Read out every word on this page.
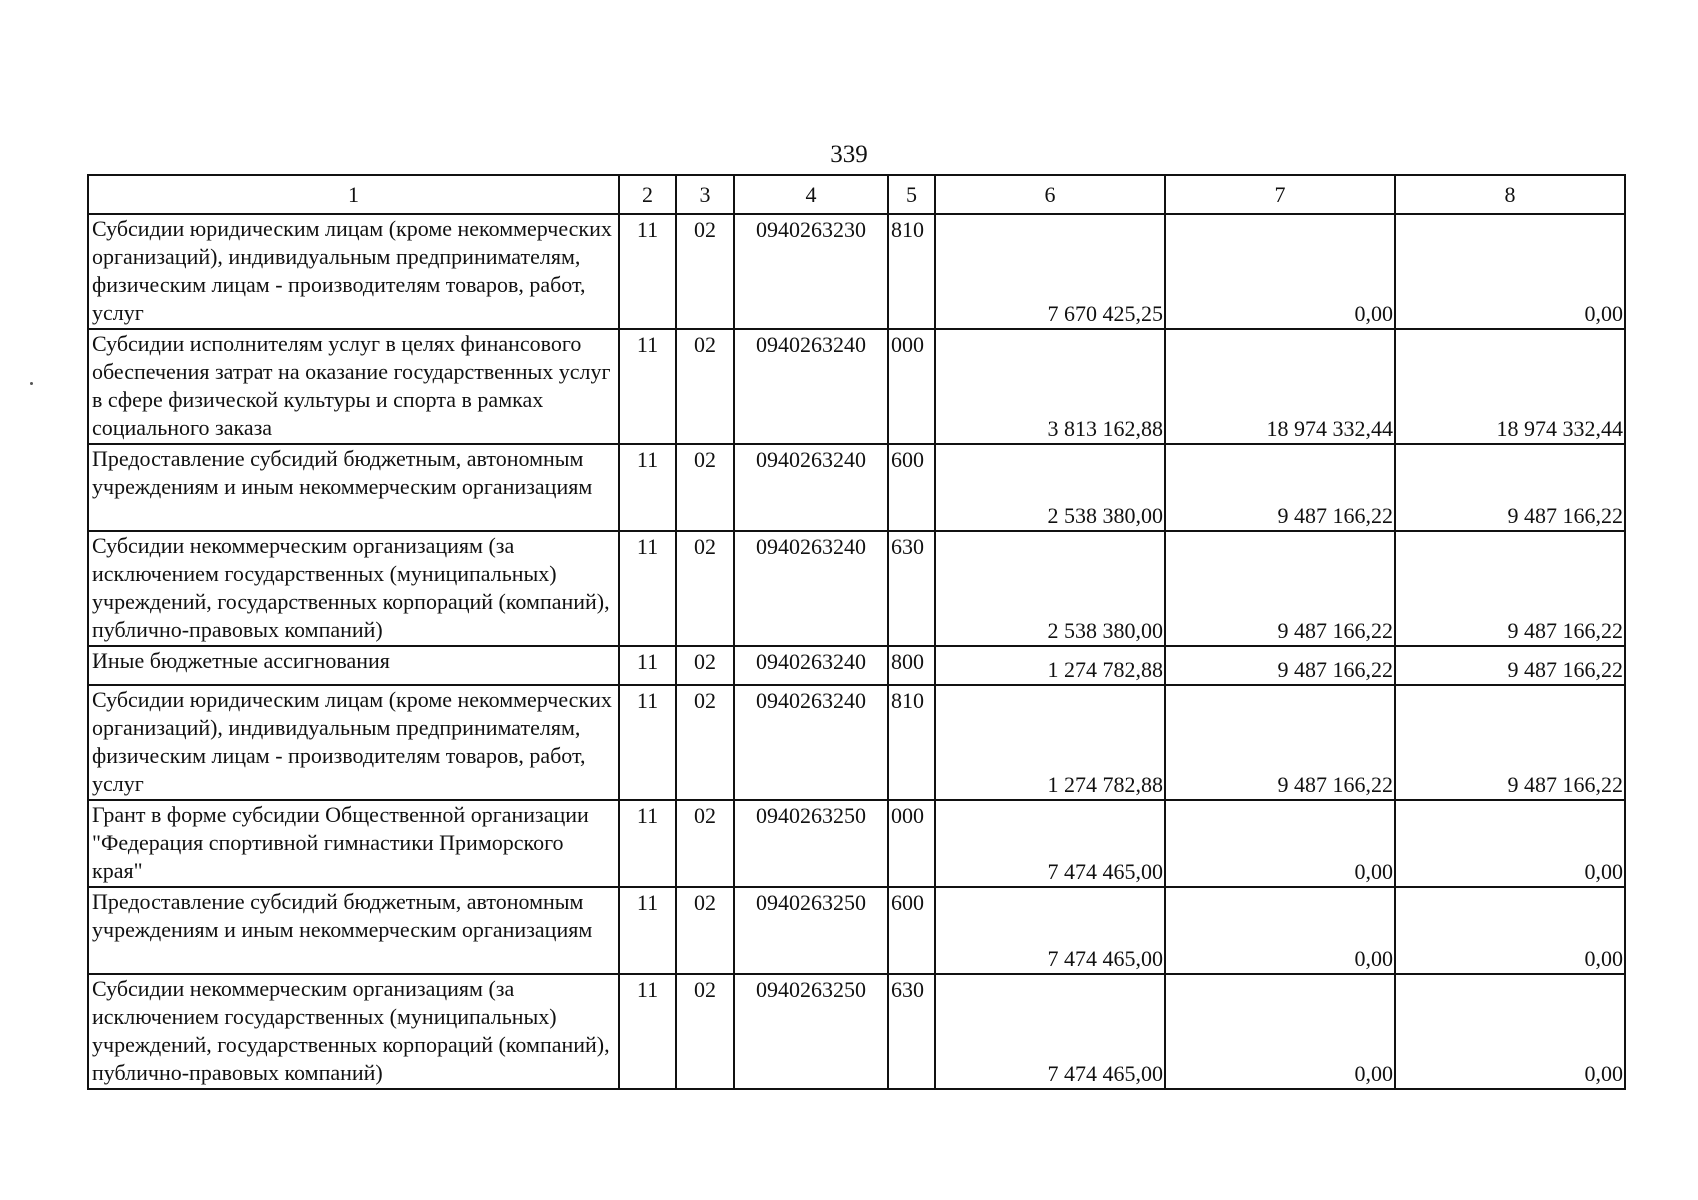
339
1	2	3	4	5	6	7	8
Субсидии юридическим лицам (кроме некоммерческих организаций), индивидуальным предпринимателям, физическим лицам - производителям товаров, работ, услуг	11	02	0940263230	810	7 670 425,25	0,00	0,00
Субсидии исполнителям услуг в целях финансового обеспечения затрат на оказание государственных услуг в сфере физической культуры и спорта в рамках социального заказа	11	02	0940263240	000	3 813 162,88	18 974 332,44	18 974 332,44
Предоставление субсидий бюджетным, автономным учреждениям и иным некоммерческим организациям	11	02	0940263240	600	2 538 380,00	9 487 166,22	9 487 166,22
Субсидии некоммерческим организациям (за исключением государственных (муниципальных) учреждений, государственных корпораций (компаний), публично-правовых компаний)	11	02	0940263240	630	2 538 380,00	9 487 166,22	9 487 166,22
Иные бюджетные ассигнования	11	02	0940263240	800	1 274 782,88	9 487 166,22	9 487 166,22
Субсидии юридическим лицам (кроме некоммерческих организаций), индивидуальным предпринимателям, физическим лицам - производителям товаров, работ, услуг	11	02	0940263240	810	1 274 782,88	9 487 166,22	9 487 166,22
Грант в форме субсидии Общественной организации "Федерация спортивной гимнастики Приморского края"	11	02	0940263250	000	7 474 465,00	0,00	0,00
Предоставление субсидий бюджетным, автономным учреждениям и иным некоммерческим организациям	11	02	0940263250	600	7 474 465,00	0,00	0,00
Субсидии некоммерческим организациям (за исключением государственных (муниципальных) учреждений, государственных корпораций (компаний), публично-правовых компаний)	11	02	0940263250	630	7 474 465,00	0,00	0,00
